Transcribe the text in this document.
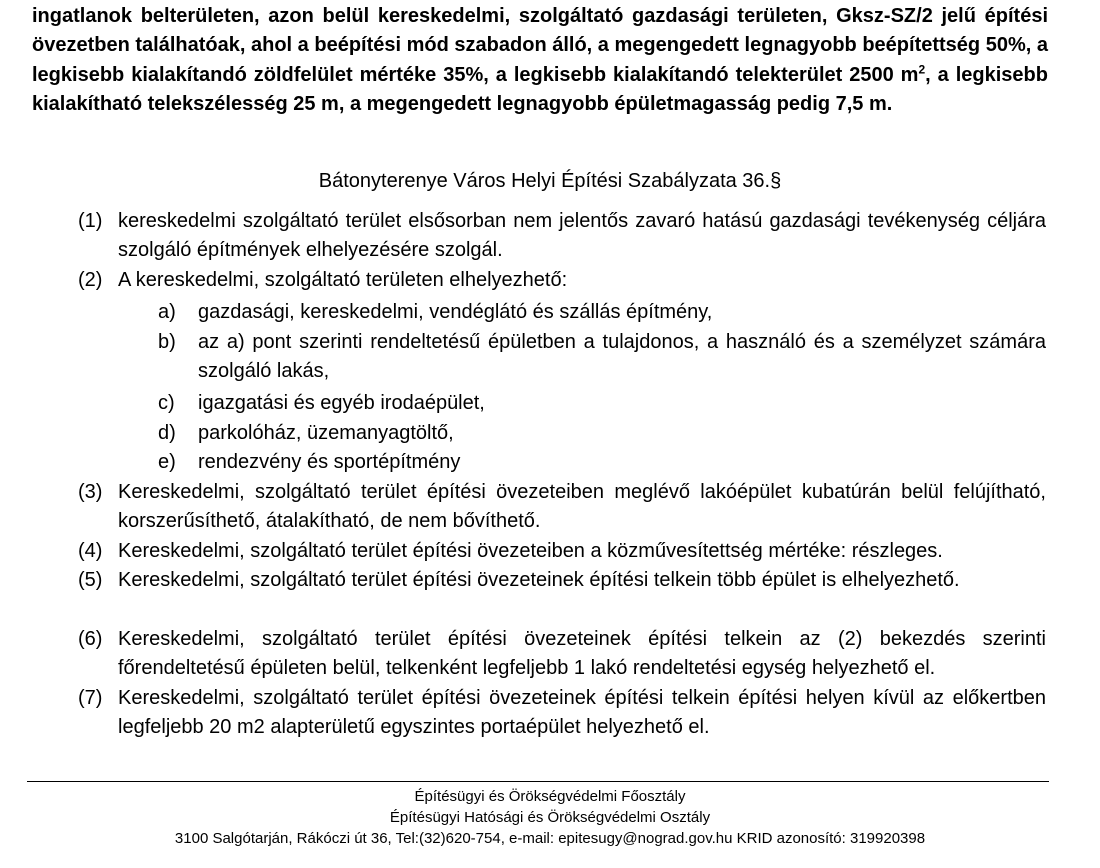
ingatlanok belterületen, azon belül kereskedelmi, szolgáltató gazdasági területen, Gksz-SZ/2 jelű építési övezetben találhatóak, ahol a beépítési mód szabadon álló, a megengedett legnagyobb beépítettség 50%, a legkisebb kialakítandó zöldfelület mértéke 35%, a legkisebb kialakítandó telekterület 2500 $m^2$, a legkisebb kialakítható telekszélesség 25 m, a megengedett legnagyobb épületmagasság pedig 7,5 m.

Bátonyterenye Város Helyi Építési Szabályzata 36.§

(1) kereskedelmi szolgáltató terület elsősorban nem jelentős zavaró hatású gazdasági tevékenység céljára szolgáló építmények elhelyezésére szolgál.
(2) A kereskedelmi, szolgáltató területen elhelyezhető:
a) gazdasági, kereskedelmi, vendéglátó és szállás építmény,
b) az a) pont szerinti rendeltetésű épületben a tulajdonos, a használó és a személyzet számára szolgáló lakás,
c) igazgatási és egyéb irodaépület,
d) parkolóház, üzemanyagtöltő,
e) rendezvény és sportépítmény
(3) Kereskedelmi, szolgáltató terület építési övezeteiben meglévő lakóépület kubatúrán belül felújítható, korszerűsíthető, átalakítható, de nem bővíthető.
(4) Kereskedelmi, szolgáltató terület építési övezeteiben a közművesítettség mértéke: részleges.
(5) Kereskedelmi, szolgáltató terület építési övezeteinek építési telkein több épület is elhelyezhető.
(6) Kereskedelmi, szolgáltató terület építési övezeteinek építési telkein az (2) bekezdés szerinti főrendeltetésű épületen belül, telkenként legfeljebb 1 lakó rendeltetési egység helyezhető el.
(7) Kereskedelmi, szolgáltató terület építési övezeteinek építési telkein építési helyen kívül az előkertben legfeljebb 20 m2 alapterületű egyszintes portaépület helyezhető el.

Építésügyi és Örökségvédelmi Főosztály

Építésügyi Hatósági és Örökségvédelmi Osztály

3100 Salgótarján, Rákóczi út 36, Tel:(32)620-754, e-mail: epitesugy@nograd.gov.hu KRID azonosító: 319920398
